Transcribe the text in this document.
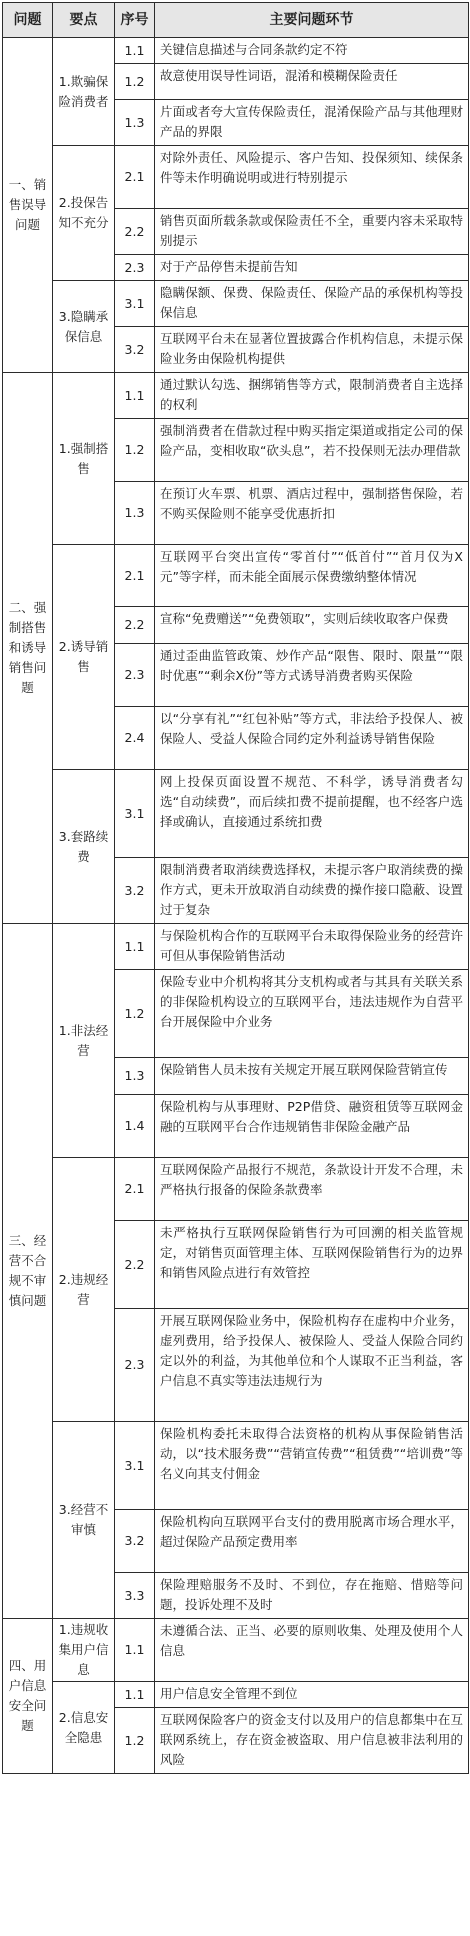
问题	要点	序号	主要问题环节
一、销售误导问题	1.欺骗保险消费者	1.1	关键信息描述与合同条款约定不符
		1.2	故意使用误导性词语，混淆和模糊保险责任
		1.3	片面或者夸大宣传保险责任，混淆保险产品与其他理财产品的界限
	2.投保告知不充分	2.1	对除外责任、风险提示、客户告知、投保须知、续保条件等未作明确说明或进行特别提示
		2.2	销售页面所载条款或保险责任不全，重要内容未采取特别提示
		2.3	对于产品停售未提前告知
	3.隐瞒承保信息	3.1	隐瞒保额、保费、保险责任、保险产品的承保机构等投保信息
		3.2	互联网平台未在显著位置披露合作机构信息，未提示保险业务由保险机构提供
二、强制搭售和诱导销售问题	1.强制搭售	1.1	通过默认勾选、捆绑销售等方式，限制消费者自主选择的权利
		1.2	强制消费者在借款过程中购买指定渠道或指定公司的保险产品，变相收取“砍头息”，若不投保则无法办理借款
		1.3	在预订火车票、机票、酒店过程中，强制搭售保险，若不购买保险则不能享受优惠折扣
	2.诱导销售	2.1	互联网平台突出宣传“零首付”“低首付”“首月仅为X元”等字样，而未能全面展示保费缴纳整体情况
		2.2	宣称“免费赠送”“免费领取”，实则后续收取客户保费
		2.3	通过歪曲监管政策、炒作产品“限售、限时、限量”“限时优惠”“剩余X份”等方式诱导消费者购买保险
		2.4	以“分享有礼”“红包补贴”等方式，非法给予投保人、被保险人、受益人保险合同约定外利益诱导销售保险
	3.套路续费	3.1	网上投保页面设置不规范、不科学，诱导消费者勾选“自动续费”，而后续扣费不提前提醒，也不经客户选择或确认，直接通过系统扣费
		3.2	限制消费者取消续费选择权，未提示客户取消续费的操作方式，更未开放取消自动续费的操作接口隐蔽、设置过于复杂
三、经营不合规不审慎问题	1.非法经营	1.1	与保险机构合作的互联网平台未取得保险业务的经营许可但从事保险销售活动
		1.2	保险专业中介机构将其分支机构或者与其具有关联关系的非保险机构设立的互联网平台，违法违规作为自营平台开展保险中介业务
		1.3	保险销售人员未按有关规定开展互联网保险营销宣传
		1.4	保险机构与从事理财、P2P借贷、融资租赁等互联网金融的互联网平台合作违规销售非保险金融产品
	2.违规经营	2.1	互联网保险产品报行不规范，条款设计开发不合理，未严格执行报备的保险条款费率
		2.2	未严格执行互联网保险销售行为可回溯的相关监管规定，对销售页面管理主体、互联网保险销售行为的边界和销售风险点进行有效管控
		2.3	开展互联网保险业务中，保险机构存在虚构中介业务，虚列费用，给予投保人、被保险人、受益人保险合同约定以外的利益，为其他单位和个人谋取不正当利益，客户信息不真实等违法违规行为
	3.经营不审慎	3.1	保险机构委托未取得合法资格的机构从事保险销售活动，以“技术服务费”“营销宣传费”“租赁费”“培训费”等名义向其支付佣金
		3.2	保险机构向互联网平台支付的费用脱离市场合理水平，超过保险产品预定费用率
		3.3	保险理赔服务不及时、不到位，存在拖赔、惜赔等问题，投诉处理不及时
四、用户信息安全问题	1.违规收集用户信息	1.1	未遵循合法、正当、必要的原则收集、处理及使用个人信息
	2.信息安全隐患	1.1	用户信息安全管理不到位
		1.2	互联网保险客户的资金支付以及用户的信息都集中在互联网系统上，存在资金被盗取、用户信息被非法利用的风险
